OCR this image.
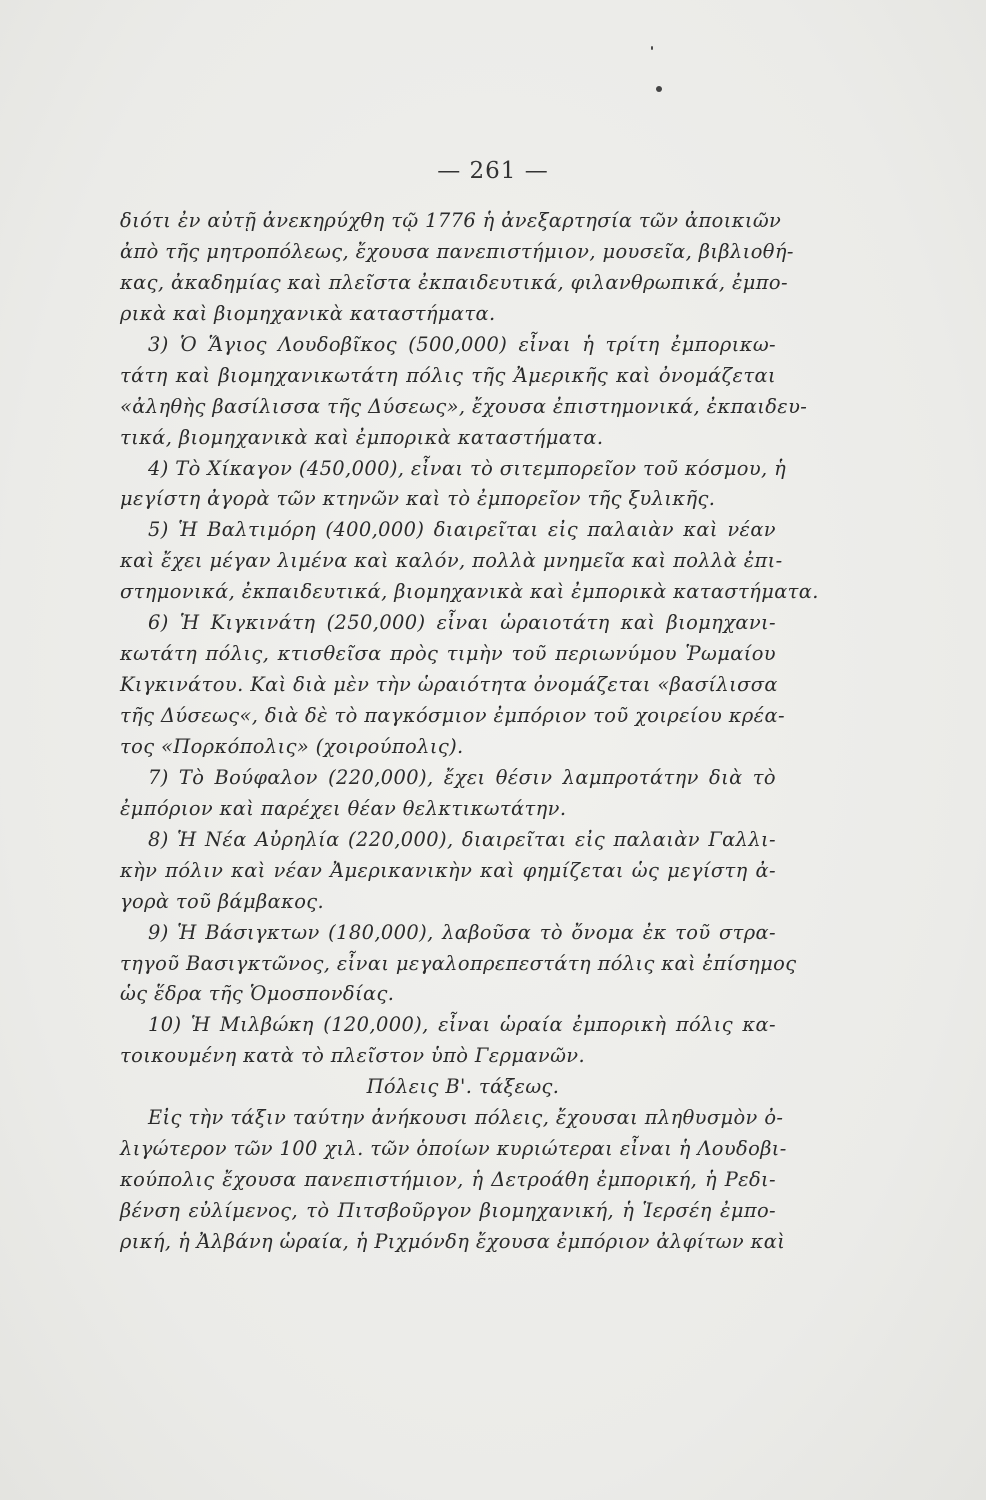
— 261 —
διότι ἐν αὐτῇ ἀνεκηρύχθη τῷ 1776 ἡ ἀνεξαρτησία τῶν ἀποικιῶν
ἀπὸ τῆς μητροπόλεως, ἔχουσα πανεπιστήμιον, μουσεῖα, βιβλιοθή-
κας, ἀκαδημίας καὶ πλεῖστα ἐκπαιδευτικά, φιλανθρωπικά, ἐμπο-
ρικὰ καὶ βιομηχανικὰ καταστήματα.
3) Ὁ Ἅγιος Λουδοβῖκος (500,000) εἶναι ἡ τρίτη ἐμπορικω-
τάτη καὶ βιομηχανικωτάτη πόλις τῆς Ἀμερικῆς καὶ ὀνομάζεται
«ἀληθὴς βασίλισσα τῆς Δύσεως», ἔχουσα ἐπιστημονικά, ἐκπαιδευ-
τικά, βιομηχανικὰ καὶ ἐμπορικὰ καταστήματα.
4) Τὸ Χίκαγον (450,000), εἶναι τὸ σιτεμπορεῖον τοῦ κόσμου, ἡ
μεγίστη ἀγορὰ τῶν κτηνῶν καὶ τὸ ἐμπορεῖον τῆς ξυλικῆς.
5) Ἡ Βαλτιμόρη (400,000) διαιρεῖται εἰς παλαιὰν καὶ νέαν
καὶ ἔχει μέγαν λιμένα καὶ καλόν, πολλὰ μνημεῖα καὶ πολλὰ ἐπι-
στημονικά, ἐκπαιδευτικά, βιομηχανικὰ καὶ ἐμπορικὰ καταστήματα.
6) Ἡ Κιγκινάτη (250,000) εἶναι ὡραιοτάτη καὶ βιομηχανι-
κωτάτη πόλις, κτισθεῖσα πρὸς τιμὴν τοῦ περιωνύμου Ῥωμαίου
Κιγκινάτου. Καὶ διὰ μὲν τὴν ὡραιότητα ὀνομάζεται «βασίλισσα
τῆς Δύσεως«, διὰ δὲ τὸ παγκόσμιον ἐμπόριον τοῦ χοιρείου κρέα-
τος «Πορκόπολις» (χοιρούπολις).
7) Τὸ Βούφαλον (220,000), ἔχει θέσιν λαμπροτάτην διὰ τὸ
ἐμπόριον καὶ παρέχει θέαν θελκτικωτάτην.
8) Ἡ Νέα Αὐρηλία (220,000), διαιρεῖται εἰς παλαιὰν Γαλλι-
κὴν πόλιν καὶ νέαν Ἀμερικανικὴν καὶ φημίζεται ὡς μεγίστη ἀ-
γορὰ τοῦ βάμβακος.
9) Ἡ Βάσιγκτων (180,000), λαβοῦσα τὸ ὄνομα ἐκ τοῦ στρα-
τηγοῦ Βασιγκτῶνος, εἶναι μεγαλοπρεπεστάτη πόλις καὶ ἐπίσημος
ὡς ἕδρα τῆς Ὁμοσπονδίας.
10) Ἡ Μιλβώκη (120,000), εἶναι ὡραία ἐμπορικὴ πόλις κα-
τοικουμένη κατὰ τὸ πλεῖστον ὑπὸ Γερμανῶν.
Πόλεις Β'. τάξεως.
Εἰς τὴν τάξιν ταύτην ἀνήκουσι πόλεις, ἔχουσαι πληθυσμὸν ὀ-
λιγώτερον τῶν 100 χιλ. τῶν ὁποίων κυριώτεραι εἶναι ἡ Λουδοβι-
κούπολις ἔχουσα πανεπιστήμιον, ἡ Δετροάθη ἐμπορική, ἡ Ρεδι-
βένση εὐλίμενος, τὸ Πιτσβοῦργον βιομηχανική, ἡ Ἱερσέη ἐμπο-
ρική, ἡ Ἀλβάνη ὡραία, ἡ Ριχμόνδη ἔχουσα ἐμπόριον ἀλφίτων καὶ
